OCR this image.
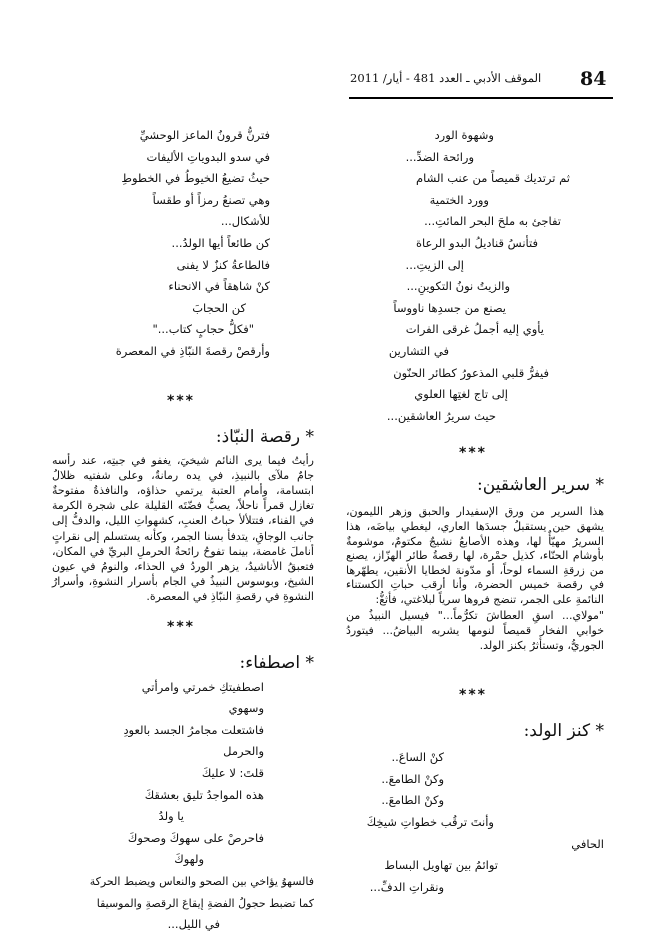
84
الموقف الأدبي ـ العدد 481 - أيار/ 2011
وشهوة الورد
ورائحة الضدِّ...
ثم ترتديك قميصاً من عنب الشام
وورد الختمية
تفاجئ به ملحَ البحر المائتِ...
فتأنسُ قناديلُ البدو الرعاة
إلى الزيتِ...
والزيتُ نونُ التكوينِ...
يصنع من جسدِها ناووساً
يأوي إليه أجملُ غرقى الفرات
في التشارين
فيفرُّ قلبي المذعورُ كطائر الحنّون
إلى تاج لغتِها العلوي
حيث سريرُ العاشقين...
***
* سرير العاشقين:
هذا السرير من ورق الإسفيدار والحبق وزهر الليمون، يشهق حين يستقبلُ جسدَها العاري، ليغطي بياضَه، هذا السريرُ مهيّأٌ لها، وهذه الأصابعُ نشيجٌ مكتومٌ، موشومةٌ بأوشام الحنّاء، كذيل حمْرة، لها رقصةُ طائر الهزّاز، يصنع من زرقةِ السماء لوحاً، أو مدّونة لخطايا الأنقين، يطهّرها في رقصة خميس الحضرة، وأنا أرقب حباتِ الكستناء النائمةِ على الجمر، تنضج فروها سرياً لبلاغتي، فأثغُّ:
"مولاي... اسقِ العطاشَ تكرُّماً..." فيسيل النبيذُ من خوابي الفخار قميصاً لنومها يشربه البياضُ... فيتوردُ الجوريُّ، وتستأثرُ بكنز الولد.
***
* كنز الولد:
كنْ الساعَ..
وكنْ الطامعَ..
وكنْ الطامعَ..
وأنتَ ترقُب خطواتِ شيخِكَ
الحافي
توائمُ بين تهاويل البساط
ونقراتِ الدفِّ...
فترنُّ قرونُ الماعز الوحشيِّ
في سدو البدوياتِ الأليفات
حيثُ تضيعُ الخيوطُ في الخطوطِ
وهي تصنعُ رمزاً أو طقساً
للأشكال...
كن طائعاً أيها الولدُ...
فالطاعةُ كنزٌ لا يفنى
كنْ شاهقاً في الانحناء
كن الحجابَ
"فكلُّ حجابٍ كتاب..."
وأرقصْ رقصةَ النبّاذِ في المعصرة
***
* رقصة النبّاذ:
رأيتُ فيما يرى النائم شيخيَ، يغفو في جبتِه، عند رأسه جامٌ ملآى بالنبيذِ، في يده رمانةٌ، وعلى شفتيه ظلالُ ابتسامة، وأمام العتبة يرتمي حذاؤه، والنافذةُ مفتوحةٌ تغازل قمراً ناحلاً، يصبُّ فضّتَه القليلة على شجرة الكرمة في الفناء، فتتلألأ حباتُ العنبِ، كشهواتِ الليل، والدفُّ إلى جانب الوجاقِ، يتدفأ بسنا الجمر، وكأنه يستسلم إلى نقراتٍ أناملَ غامضة، بينما تفوحُ رائحةُ الحرملِ البريِّ في المكان، فتعبقُ الأناشيدُ، يزهر الوردُ في الحذاء، والنومُ في عيون الشيخ، وبوسوس النبيذُ في الجام بأسرار النشوةِ، وأسرارُ النشوةِ في رقصةِ النبّاذِ في المعصرة.
***
* اصطفاء:
اصطفيتكِ خمرتي وامرأتي
وسهوي
فاشتعلت مجامرُ الجسد بالعودِ
والحرمل
قلتَ: لا عليكَ
هذه المواجدُ تليق بعشقكَ
يا ولدُ
فاحرصْ على سهوكَ وصحوكَ
ولهوكَ
فالسهوُ يؤاخي بين الصحو والنعاس ويضبط الحركة
كما تضبط حجولُ الفضةِ إيقاعَ الرقصةِ والموسيقا
في الليل...
